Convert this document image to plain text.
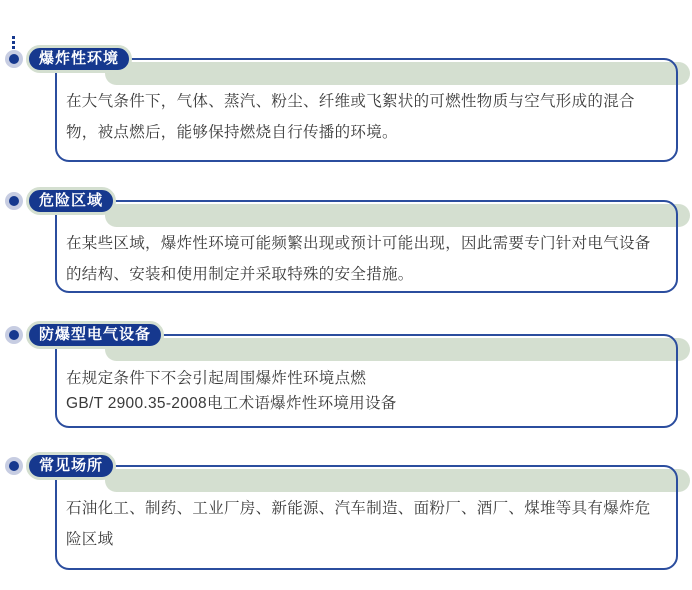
在大气条件下，气体、蒸汽、粉尘、纤维或飞絮状的可燃性物质与空气形成的混合
物，被点燃后，能够保持燃烧自行传播的环境。
爆炸性环境
在某些区域，爆炸性环境可能频繁出现或预计可能出现，因此需要专门针对电气设备
的结构、安装和使用制定并采取特殊的安全措施。
危险区域
在规定条件下不会引起周围爆炸性环境点燃
GB/T 2900.35-2008电工术语爆炸性环境用设备
防爆型电气设备
石油化工、制药、工业厂房、新能源、汽车制造、面粉厂、酒厂、煤堆等具有爆炸危
险区域
常见场所
